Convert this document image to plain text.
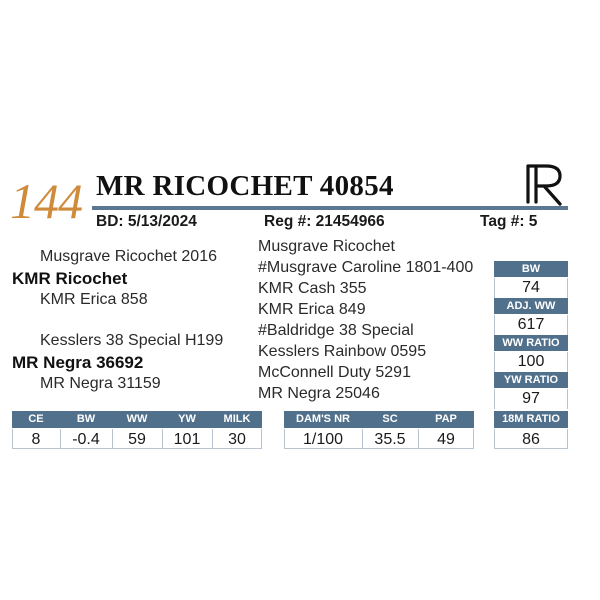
144 MR RICOCHET 40854
BD: 5/13/2024	Reg #: 21454966	Tag #: 5
Musgrave Ricochet 2016
KMR Ricochet
KMR Erica 858
Kesslers 38 Special H199
MR Negra 36692
MR Negra 31159
Musgrave Ricochet
#Musgrave Caroline 1801-400
KMR Cash 355
KMR Erica 849
#Baldridge 38 Special
Kesslers Rainbow 0595
McConnell Duty 5291
MR Negra 25046
BW
74
ADJ. WW
617
WW RATIO
100
YW RATIO
97
CE	BW	WW	YW	MILK	DAM'S NR	SC	PAP	18M RATIO
8	-0.4	59	101	30	1/100	35.5	49	86
